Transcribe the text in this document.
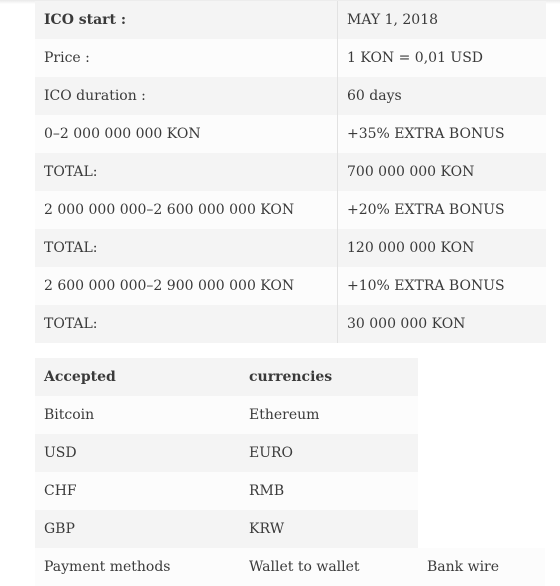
ICO start :	MAY 1, 2018
Price :	1 KON = 0,01 USD
ICO duration :	60 days
0–2 000 000 000 KON	+35% EXTRA BONUS
TOTAL:	700 000 000 KON
2 000 000 000–2 600 000 000 KON	+20% EXTRA BONUS
TOTAL:	120 000 000 KON
2 600 000 000–2 900 000 000 KON	+10% EXTRA BONUS
TOTAL:	30 000 000 KON
Accepted	currencies	
Bitcoin	Ethereum	
USD	EURO	
CHF	RMB	
GBP	KRW	
Payment methods	Wallet to wallet	Bank wire
